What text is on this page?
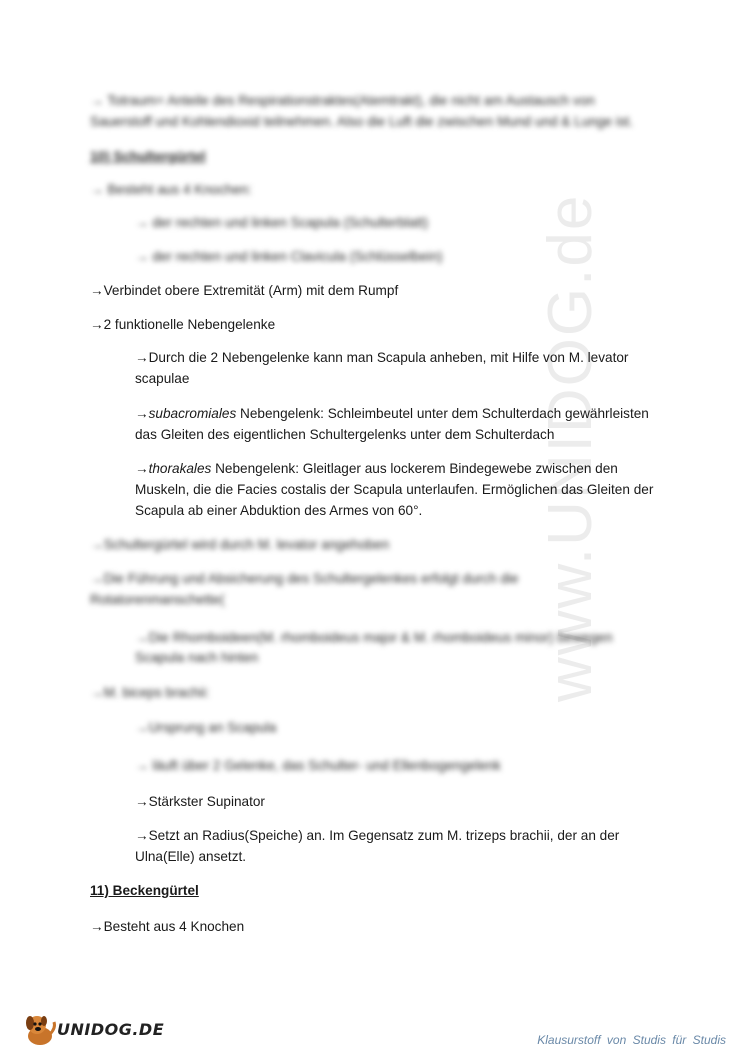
www.UNIDOG.de
→ Totraum= Anteile des Respirationstraktes(Atemtrakt), die nicht am Austausch von
Sauerstoff und Kohlendioxid teilnehmen. Also die Luft die zwischen Mund und & Lunge ist.
10) Schultergürtel
→ Besteht aus 4 Knochen:
→ der rechten und linken Scapula (Schulterblatt)
→ der rechten und linken Clavicula (Schlüsselbein)
→Verbindet obere Extremität (Arm) mit dem Rumpf
→2 funktionelle Nebengelenke
→Durch die 2 Nebengelenke kann man Scapula anheben, mit Hilfe von M. levator
scapulae
→subacromiales Nebengelenk: Schleimbeutel unter dem Schulterdach gewährleisten
das Gleiten des eigentlichen Schultergelenks unter dem Schulterdach
→thorakales Nebengelenk: Gleitlager aus lockerem Bindegewebe zwischen den
Muskeln, die die Facies costalis der Scapula unterlaufen. Ermöglichen das Gleiten der
Scapula ab einer Abduktion des Armes von 60°.
→Schultergürtel wird durch M. levator angehoben
→Die Führung und Absicherung des Schultergelenkes erfolgt durch die
Rotatorenmanschette(
→Die Rhomboideen(M. rhomboideus major & M. rhomboideus minor) bewegen
Scapula nach hinten
→M. biceps brachii:
→Ursprung an Scapula
→ läuft über 2 Gelenke, das Schulter- und Ellenbogengelenk
→Stärkster Supinator
→Setzt an Radius(Speiche) an. Im Gegensatz zum M. trizeps brachii, der an der
Ulna(Elle) ansetzt.
11) Beckengürtel
→Besteht aus 4 Knochen
UNIDOG.DE
Klausurstoff von Studis für Studis
